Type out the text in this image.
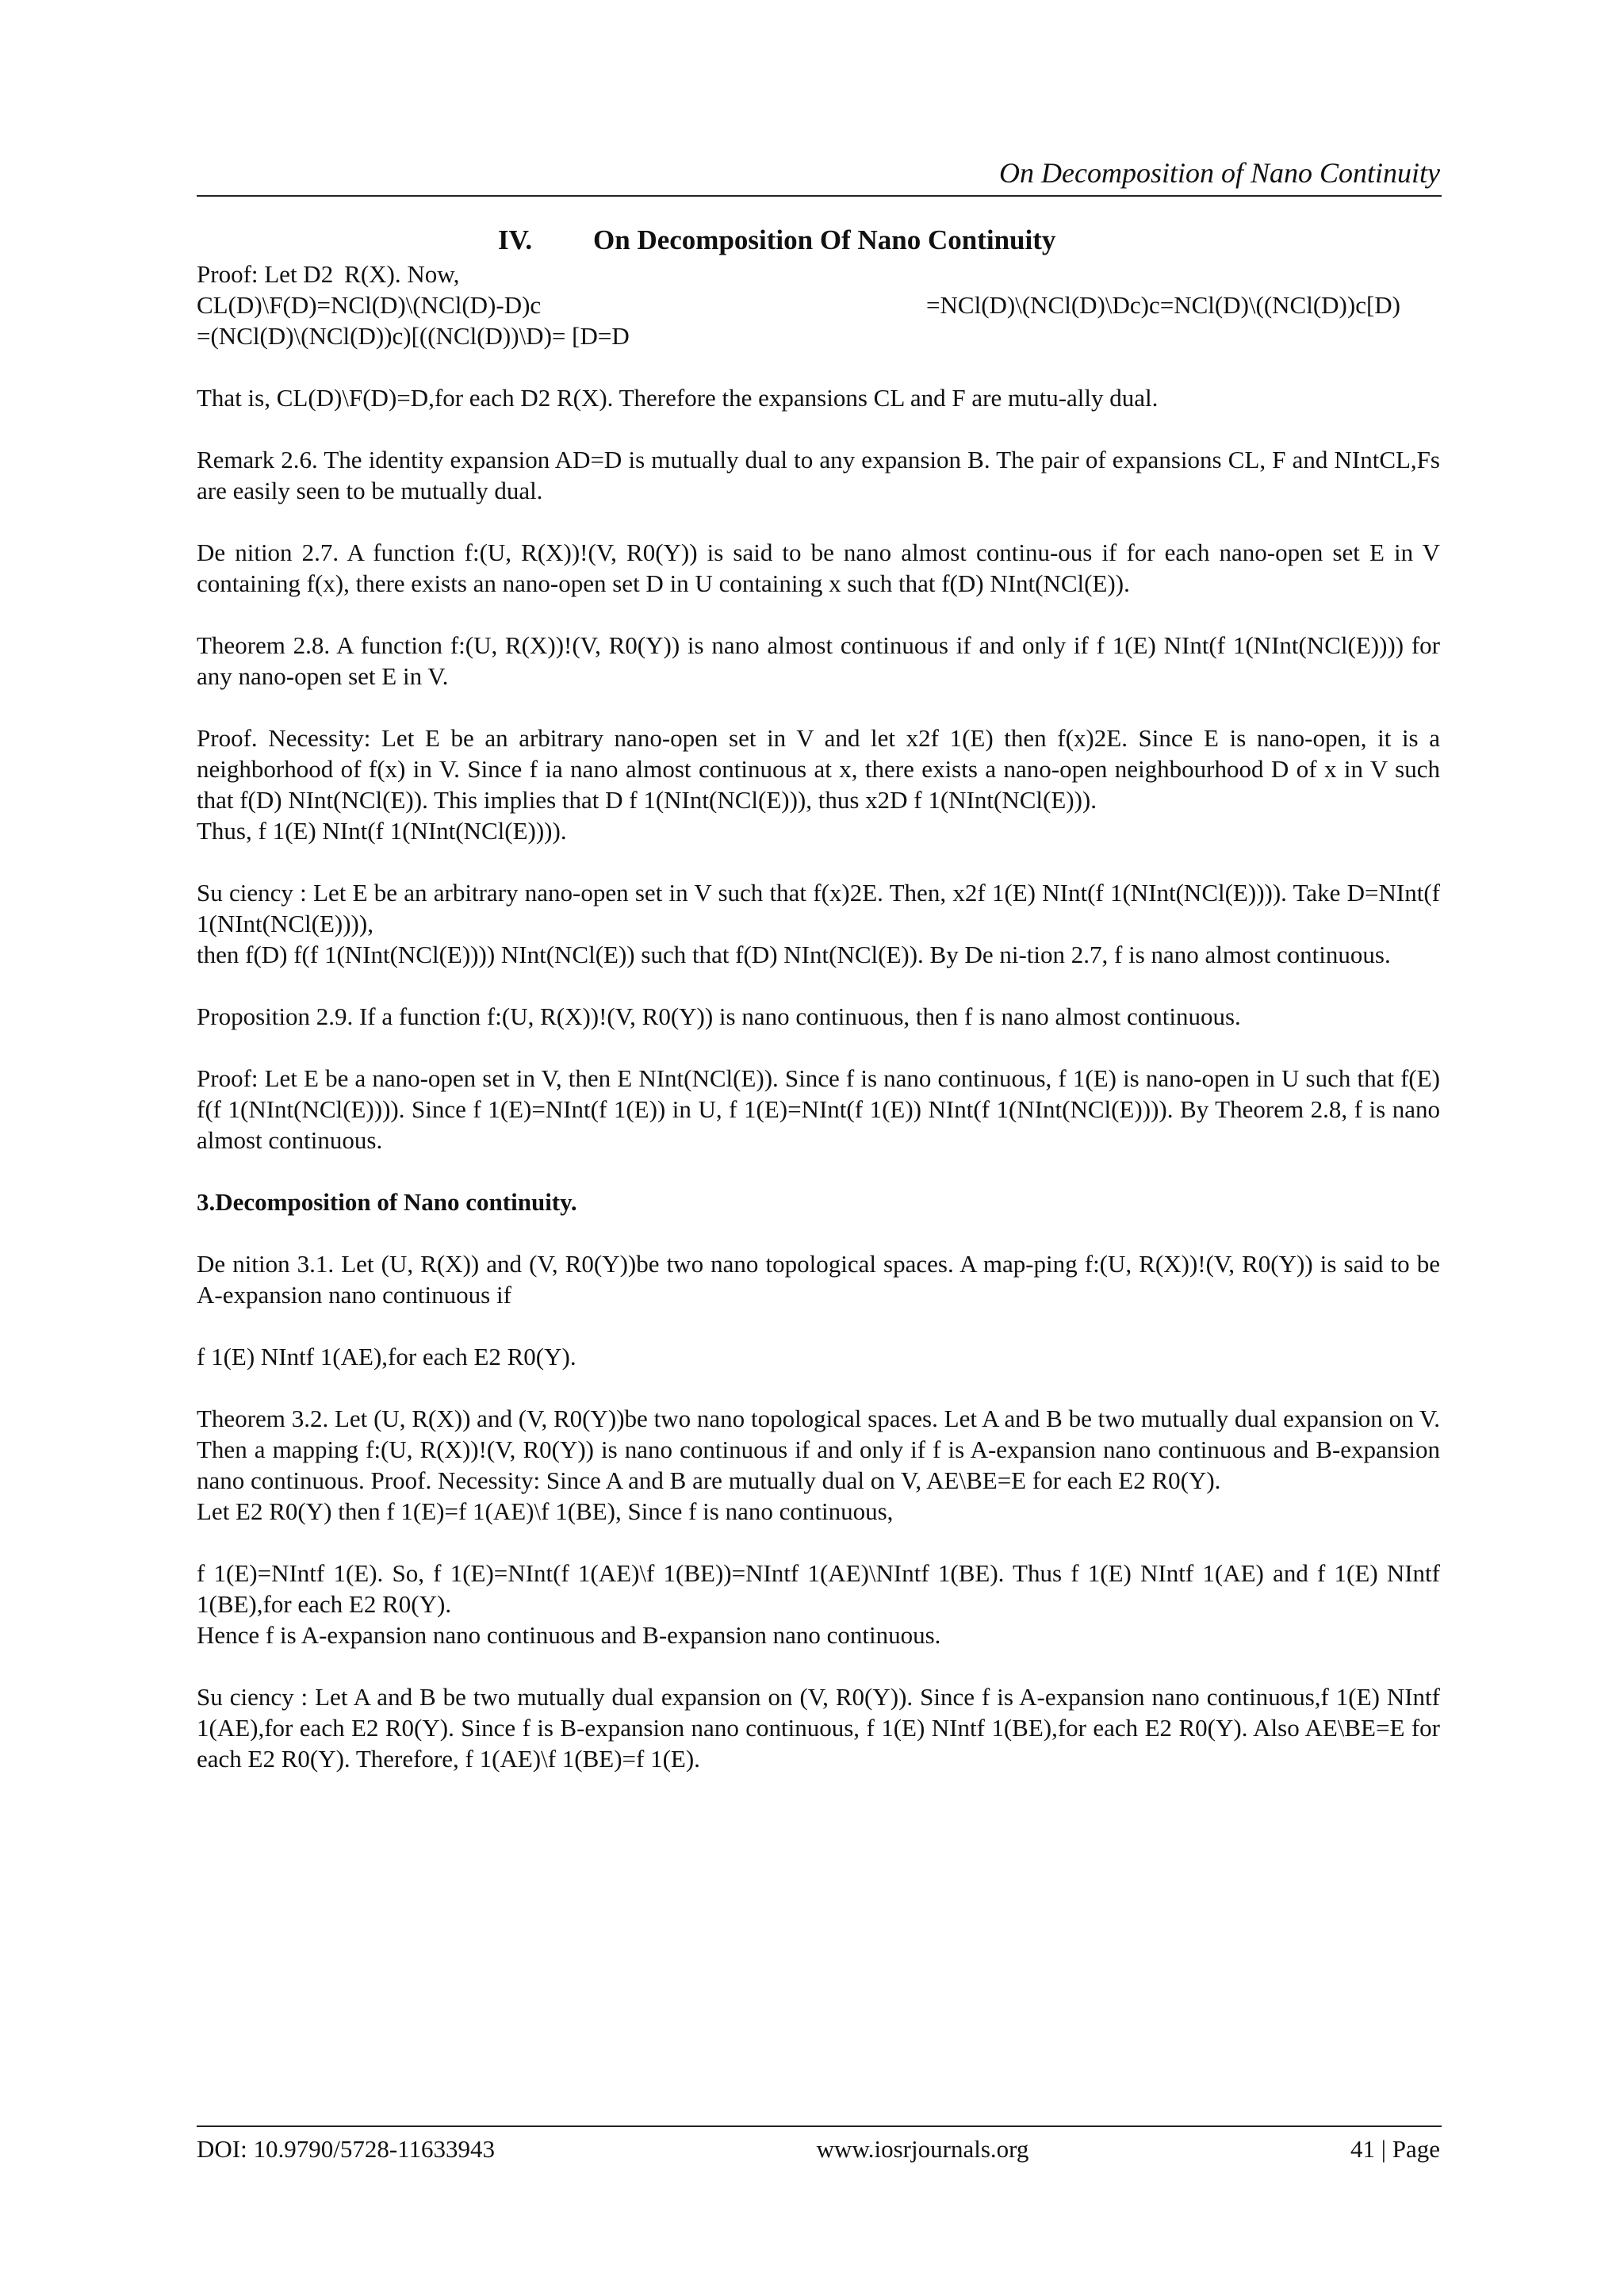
On Decomposition of Nano Continuity
IV. On Decomposition Of Nano Continuity

Proof: Let D2  R(X). Now,

CL(D)\F(D)=NCl(D)\(NCl(D)-D)c	=NCl(D)\(NCl(D)\Dc)c=NCl(D)\((NCl(D))c[D)

=(NCl(D)\(NCl(D))c)[((NCl(D))\D)= [D=D

That is, CL(D)\F(D)=D,for each D2 R(X). Therefore the expansions CL and F are mutu-ally dual.

Remark 2.6. The identity expansion AD=D is mutually dual to any expansion B. The pair of expansions CL, F and NIntCL,Fs are easily seen to be mutually dual.

De nition 2.7. A function f:(U, R(X))!(V, R0(Y)) is said to be nano almost continu-ous if for each nano-open set E in V containing f(x), there exists an nano-open set D in U containing x such that f(D) NInt(NCl(E)).

Theorem 2.8. A function f:(U, R(X))!(V, R0(Y)) is nano almost continuous if and only if f 1(E) NInt(f 1(NInt(NCl(E)))) for any nano-open set E in V.

Proof. Necessity: Let E be an arbitrary nano-open set in V and let x2f 1(E) then f(x)2E. Since E is nano-open, it is a neighborhood of f(x) in V. Since f ia nano almost continuous at x, there exists a nano-open neighbourhood D of x in V such that f(D) NInt(NCl(E)). This implies that D f 1(NInt(NCl(E))), thus x2D f 1(NInt(NCl(E))).

Thus, f 1(E) NInt(f 1(NInt(NCl(E)))).

Su ciency : Let E be an arbitrary nano-open set in V such that f(x)2E. Then, x2f 1(E) NInt(f 1(NInt(NCl(E)))). Take D=NInt(f 1(NInt(NCl(E)))),

then f(D) f(f 1(NInt(NCl(E)))) NInt(NCl(E)) such that f(D) NInt(NCl(E)). By De ni-tion 2.7, f is nano almost continuous.

Proposition 2.9. If a function f:(U, R(X))!(V, R0(Y)) is nano continuous, then f is nano almost continuous.

Proof: Let E be a nano-open set in V, then E NInt(NCl(E)). Since f is nano continuous, f 1(E) is nano-open in U such that f(E) f(f 1(NInt(NCl(E)))). Since f 1(E)=NInt(f 1(E)) in U, f 1(E)=NInt(f 1(E)) NInt(f 1(NInt(NCl(E)))). By Theorem 2.8, f is nano almost continuous.

3.Decomposition of Nano continuity.

De nition 3.1. Let (U, R(X)) and (V, R0(Y))be two nano topological spaces. A map-ping f:(U, R(X))!(V, R0(Y)) is said to be A-expansion nano continuous if

f 1(E) NIntf 1(AE),for each E2 R0(Y).

Theorem 3.2. Let (U, R(X)) and (V, R0(Y))be two nano topological spaces. Let A and B be two mutually dual expansion on V. Then a mapping f:(U, R(X))!(V, R0(Y)) is nano continuous if and only if f is A-expansion nano continuous and B-expansion nano continuous. Proof. Necessity: Since A and B are mutually dual on V, AE\BE=E for each E2 R0(Y).

Let E2 R0(Y) then f 1(E)=f 1(AE)\f 1(BE), Since f is nano continuous,

f 1(E)=NIntf 1(E). So, f 1(E)=NInt(f 1(AE)\f 1(BE))=NIntf 1(AE)\NIntf 1(BE). Thus f 1(E) NIntf 1(AE) and f 1(E) NIntf 1(BE),for each E2 R0(Y).

Hence f is A-expansion nano continuous and B-expansion nano continuous.

Su ciency : Let A and B be two mutually dual expansion on (V, R0(Y)). Since f is A-expansion nano continuous,f 1(E) NIntf 1(AE),for each E2 R0(Y). Since f is B-expansion nano continuous, f 1(E) NIntf 1(BE),for each E2 R0(Y). Also AE\BE=E for each E2 R0(Y). Therefore, f 1(AE)\f 1(BE)=f 1(E).

DOI: 10.9790/5728-11633943	www.iosrjournals.org	41 | Page
